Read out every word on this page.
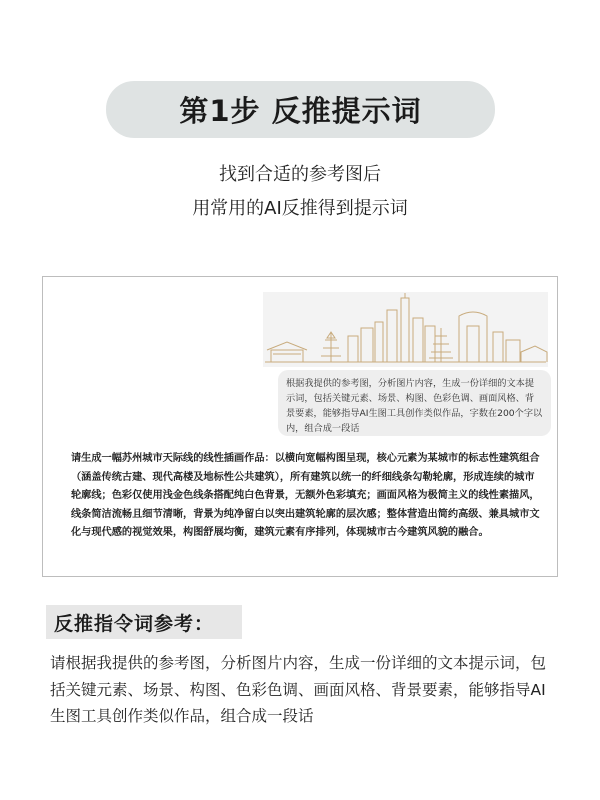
第1步 反推提示词
找到合适的参考图后
用常用的AI反推得到提示词
根据我提供的参考图，分析图片内容，生成一份详细的文本提示词，包括关键元素、场景、构图、色彩色调、画面风格、背景要素，能够指导AI生图工具创作类似作品，字数在200个字以内，组合成一段话
请生成一幅苏州城市天际线的线性插画作品：以横向宽幅构图呈现，核心元素为某城市的标志性建筑组合（涵盖传统古建、现代高楼及地标性公共建筑），所有建筑以统一的纤细线条勾勒轮廓，形成连续的城市轮廓线；色彩仅使用浅金色线条搭配纯白色背景，无额外色彩填充；画面风格为极简主义的线性素描风，线条简洁流畅且细节清晰，背景为纯净留白以突出建筑轮廓的层次感；整体营造出简约高级、兼具城市文化与现代感的视觉效果，构图舒展均衡，建筑元素有序排列，体现城市古今建筑风貌的融合。
反推指令词参考：
请根据我提供的参考图，分析图片内容，生成一份详细的文本提示词，包括关键元素、场景、构图、色彩色调、画面风格、背景要素，能够指导AI生图工具创作类似作品，组合成一段话
